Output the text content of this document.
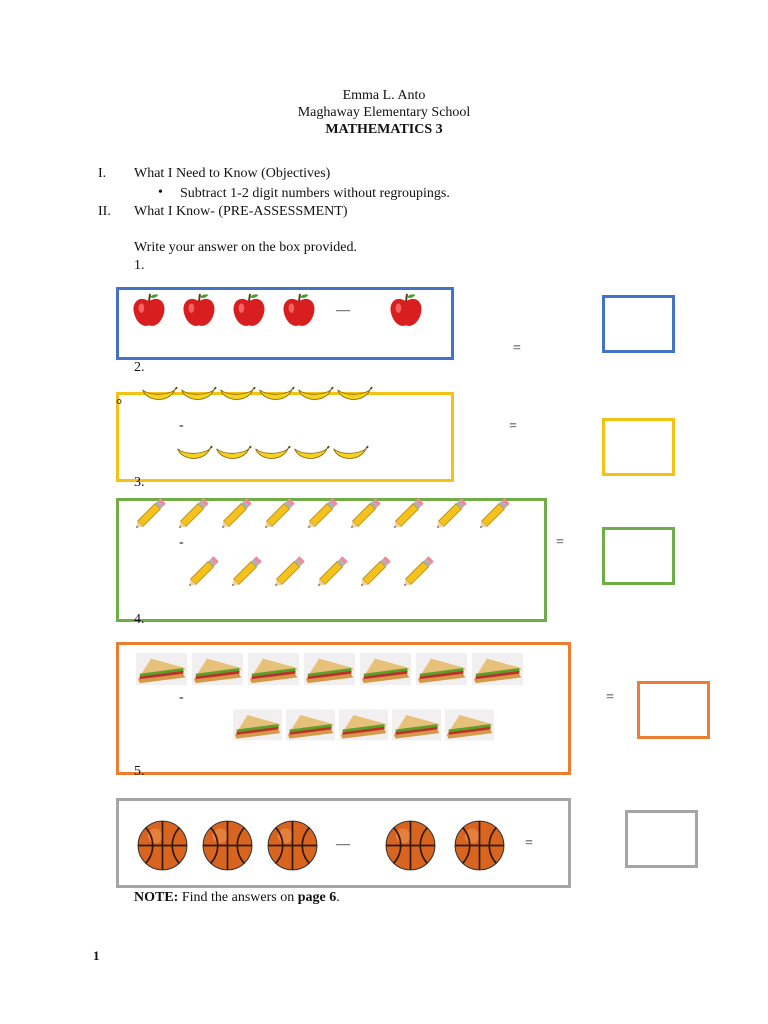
Emma L. Anto
Maghaway Elementary School
MATHEMATICS 3
I. What I Need to Know (Objectives)
• Subtract 1-2 digit numbers without regroupings.
II. What I Know- (PRE-ASSESSMENT)
Write your answer on the box provided.
1.
—
=
2.
°
-	=
3.
-	=
4.
-	=
5.
—	=
NOTE: Find the answers on page 6.
1
